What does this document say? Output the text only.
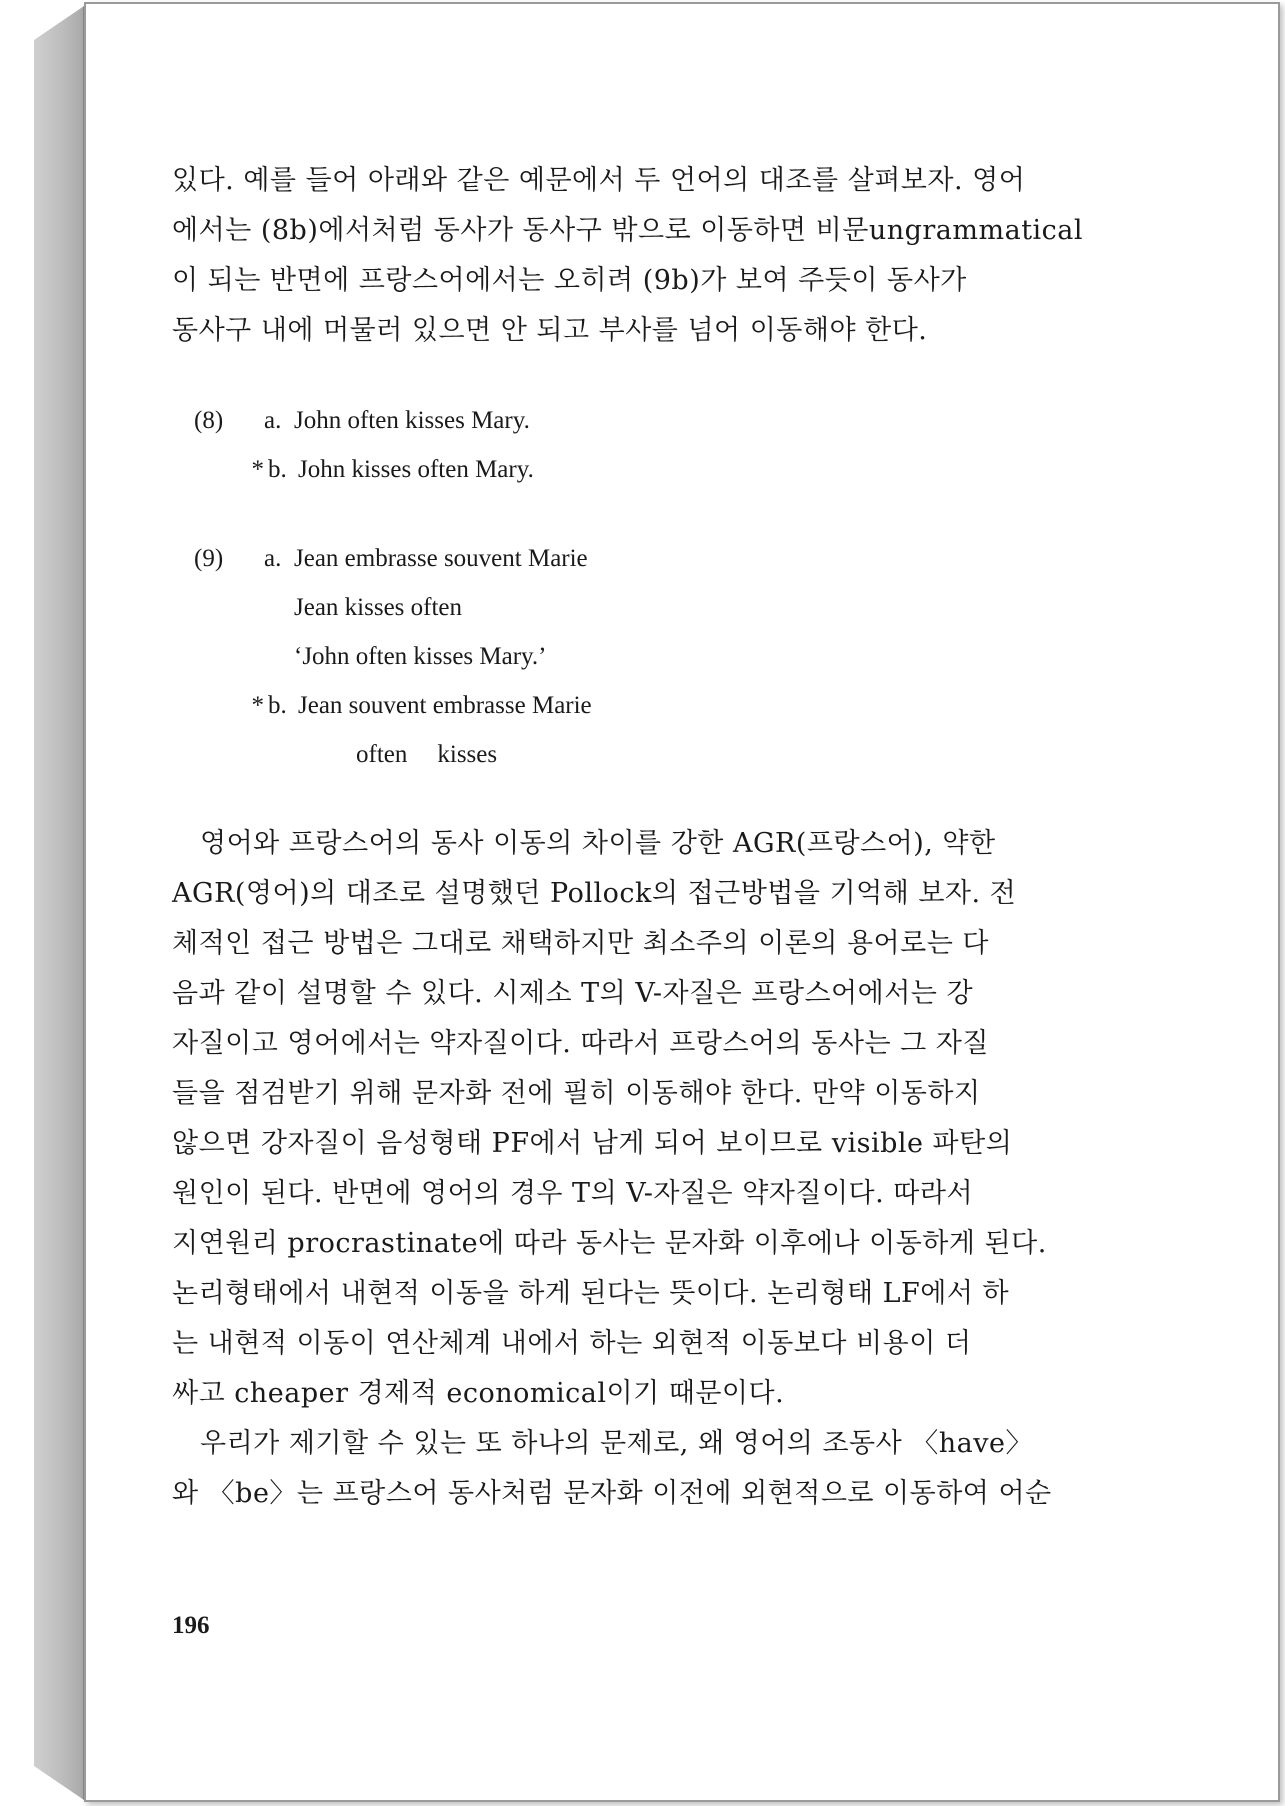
있다. 예를 들어 아래와 같은 예문에서 두 언어의 대조를 살펴보자. 영어

에서는 (8b)에서처럼 동사가 동사구 밖으로 이동하면 비문ungrammatical

이 되는 반면에 프랑스어에서는 오히려 (9b)가 보여 주듯이 동사가

동사구 내에 머물러 있으면 안 되고 부사를 넘어 이동해야 한다.

(8)	a. John often kisses Mary.
* b. John kisses often Mary.
(9)	a. Jean embrasse souvent Marie
Jean kisses often
‘John often kisses Mary.’
* b. Jean souvent embrasse Marie
often kisses

영어와 프랑스어의 동사 이동의 차이를 강한 AGR(프랑스어), 약한

AGR(영어)의 대조로 설명했던 Pollock의 접근방법을 기억해 보자. 전

체적인 접근 방법은 그대로 채택하지만 최소주의 이론의 용어로는 다

음과 같이 설명할 수 있다. 시제소 T의 V-자질은 프랑스어에서는 강

자질이고 영어에서는 약자질이다. 따라서 프랑스어의 동사는 그 자질

들을 점검받기 위해 문자화 전에 필히 이동해야 한다. 만약 이동하지

않으면 강자질이 음성형태 PF에서 남게 되어 보이므로 visible 파탄의

원인이 된다. 반면에 영어의 경우 T의 V-자질은 약자질이다. 따라서

지연원리 procrastinate에 따라 동사는 문자화 이후에나 이동하게 된다.

논리형태에서 내현적 이동을 하게 된다는 뜻이다. 논리형태 LF에서 하

는 내현적 이동이 연산체계 내에서 하는 외현적 이동보다 비용이 더

싸고 cheaper 경제적 economical이기 때문이다.

우리가 제기할 수 있는 또 하나의 문제로, 왜 영어의 조동사 〈have〉

와 〈be〉는 프랑스어 동사처럼 문자화 이전에 외현적으로 이동하여 어순

196
